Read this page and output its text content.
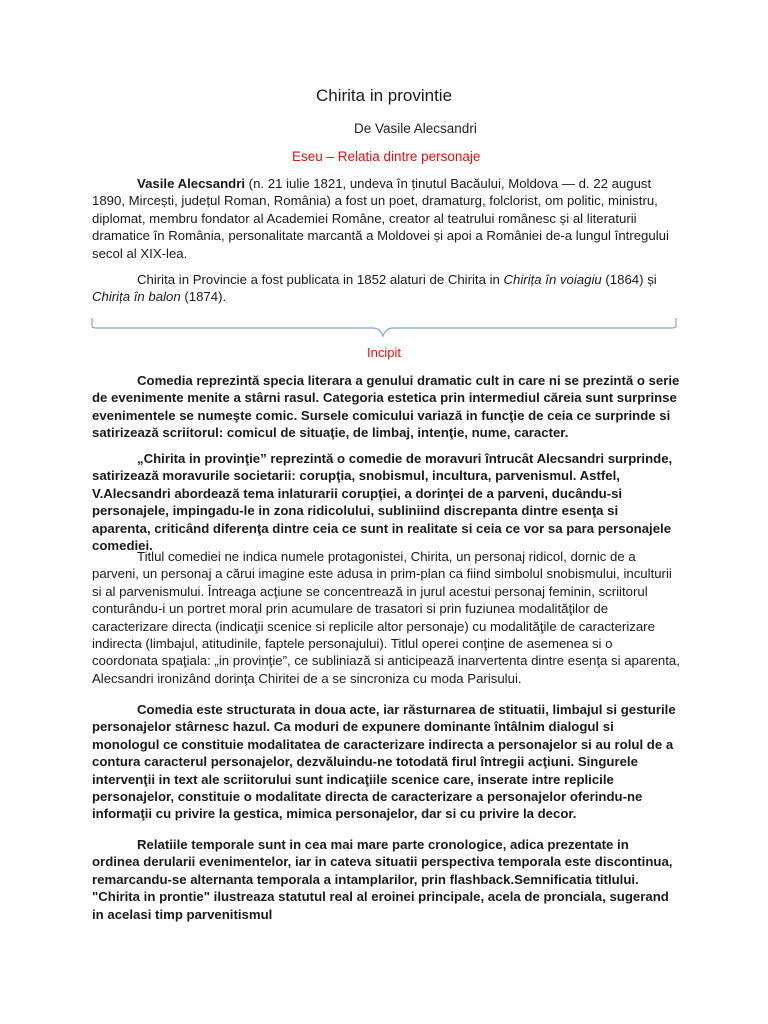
Chirita in provintie
De Vasile Alecsandri
Eseu – Relatia dintre personaje

Vasile Alecsandri (n. 21 iulie 1821, undeva în ținutul Bacăului, Moldova — d. 22 august 1890, Mircești, județul Roman, România) a fost un poet, dramaturg, folclorist, om politic, ministru, diplomat, membru fondator al Academiei Române, creator al teatrului românesc și al literaturii dramatice în România, personalitate marcantă a Moldovei și apoi a României de-a lungul întregului secol al XIX-lea.

Chirita in Provincie a fost publicata in 1852 alaturi de Chirita in Chirița în voiagiu (1864) și Chirița în balon (1874).

Incipit

Comedia reprezintă specia literara a genului dramatic cult in care ni se prezintă o serie de evenimente menite a stârni rasul. Categoria estetica prin intermediul căreia sunt surprinse evenimentele se numeşte comic. Sursele comicului variază in funcţie de ceia ce surprinde si satirizează scriitorul: comicul de situaţie, de limbaj, intenţie, nume, caracter.

„Chirita in provinţie” reprezintă o comedie de moravuri întrucât Alecsandri surprinde, satirizează moravurile societarii: corupţia, snobismul, incultura, parvenismul. Astfel, V.Alecsandri abordează tema inlaturarii corupţiei, a dorinţei de a parveni, ducându-si personajele, impingadu-le in zona ridicolului, subliniind discrepanta dintre esenţa si aparenta, criticând diferenţa dintre ceia ce sunt in realitate si ceia ce vor sa para personajele comediei.

Titlul comediei ne indica numele protagonistei, Chirita, un personaj ridicol, dornic de a parveni, un personaj a cărui imagine este adusa in prim-plan ca fiind simbolul snobismului, inculturii si al parvenismului. Întreaga acţiune se concentrează in jurul acestui personaj feminin, scriitorul conturându-i un portret moral prin acumulare de trasatori si prin fuziunea modalităţilor de caracterizare directa (indicaţii scenice si replicile altor personaje) cu modalităţile de caracterizare indirecta (limbajul, atitudinile, faptele personajului). Titlul operei conţine de asemenea si o coordonata spaţiala: „in provinţie”, ce subliniază si anticipează inarvertenta dintre esenţa si aparenta, Alecsandri ironizând dorinţa Chiritei de a se sincroniza cu moda Parisului.

Comedia este structurata in doua acte, iar răsturnarea de stituatii, limbajul si gesturile personajelor stârnesc hazul. Ca moduri de expunere dominante întâlnim dialogul si monologul ce constituie modalitatea de caracterizare indirecta a personajelor si au rolul de a contura caracterul personajelor, dezvăluindu-ne totodată firul întregii acţiuni. Singurele intervenţii in text ale scriitorului sunt indicaţiile scenice care, inserate intre replicile personajelor, constituie o modalitate directa de caracterizare a personajelor oferindu-ne informaţii cu privire la gestica, mimica personajelor, dar si cu privire la decor.

Relatiile temporale sunt in cea mai mare parte cronologice, adica prezentate in ordinea derularii evenimentelor, iar in cateva situatii perspectiva temporala este discontinua, remarcandu-se alternanta temporala a intamplarilor, prin flashback.Semnificatia titlului. "Chirita in prontie" ilustreaza statutul real al eroinei principale, acela de pronciala, sugerand in acelasi timp parvenitismul
